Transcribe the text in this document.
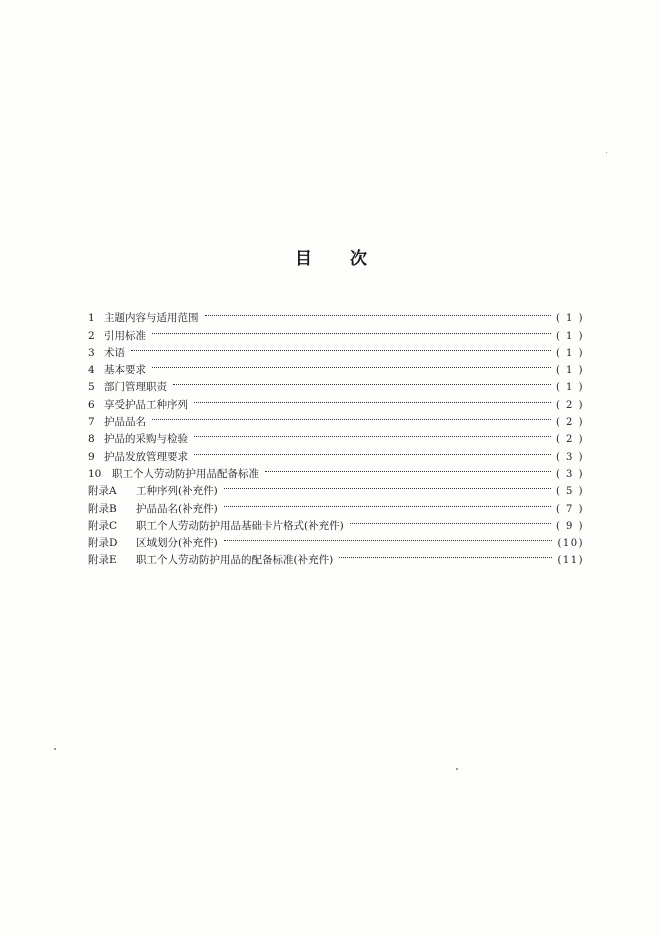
目 次
1 主题内容与适用范围	( 1 )
2 引用标准	( 1 )
3 术语	( 1 )
4 基本要求	( 1 )
5 部门管理职责	( 1 )
6 享受护品工种序列	( 2 )
7 护品品名	( 2 )
8 护品的采购与检验	( 2 )
9 护品发放管理要求	( 3 )
10	职工个人劳动防护用品配备标准	( 3 )
附录A	工种序列(补充件)	( 5 )
附录B	护品品名(补充件)	( 7 )
附录C	职工个人劳动防护用品基础卡片格式(补充件)	( 9 )
附录D	区域划分(补充件)	(10)
附录E	职工个人劳动防护用品的配备标准(补充件)	(11)
